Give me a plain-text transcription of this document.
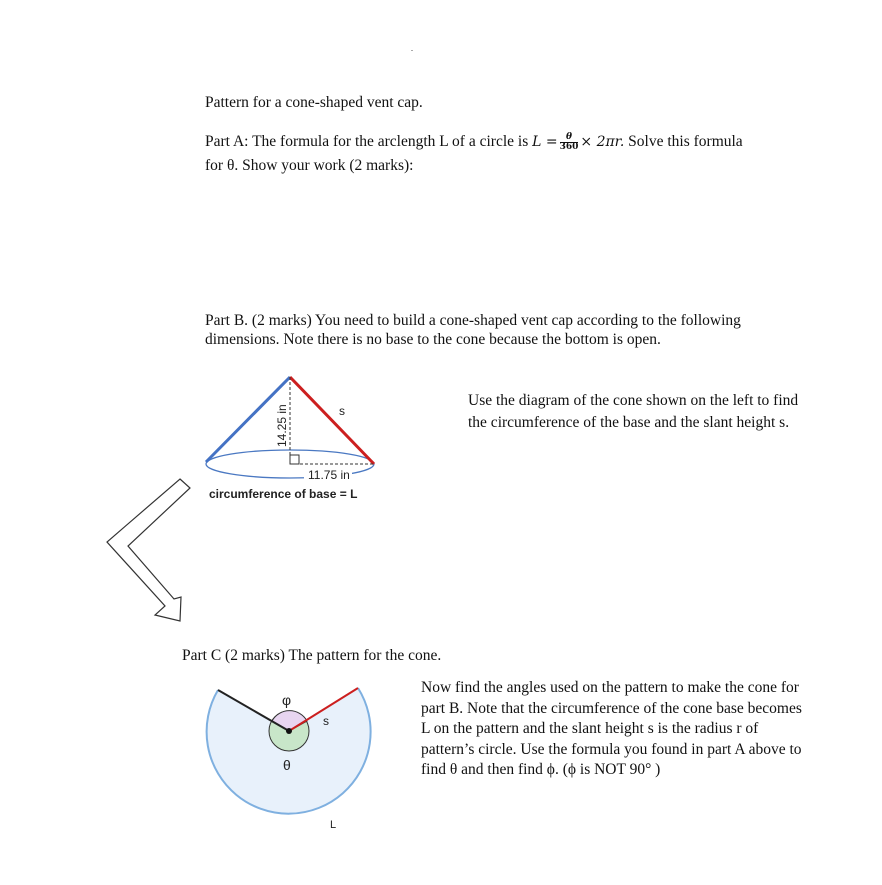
Pattern for a cone-shaped vent cap.
Part A: The formula for the arclength L of a circle is $L = \frac{\theta}{360} \times 2\pi r$. Solve this formula
for θ. Show your work (2 marks):
Part B. (2 marks) You need to build a cone-shaped vent cap according to the following
dimensions. Note there is no base to the cone because the bottom is open.
Use the diagram of the cone shown on the left to find the circumference of the base and the slant height s.
14.25 in	s
11.75 in
circumference of base = L
Part C (2 marks) The pattern for the cone.
Now find the angles used on the pattern to make the cone for part B. Note that the circumference of the cone base becomes L on the pattern and the slant height s is the radius r of pattern’s circle. Use the formula you found in part A above to find θ and then find ϕ. (ϕ is NOT 90° )
φ
θ
s
L
